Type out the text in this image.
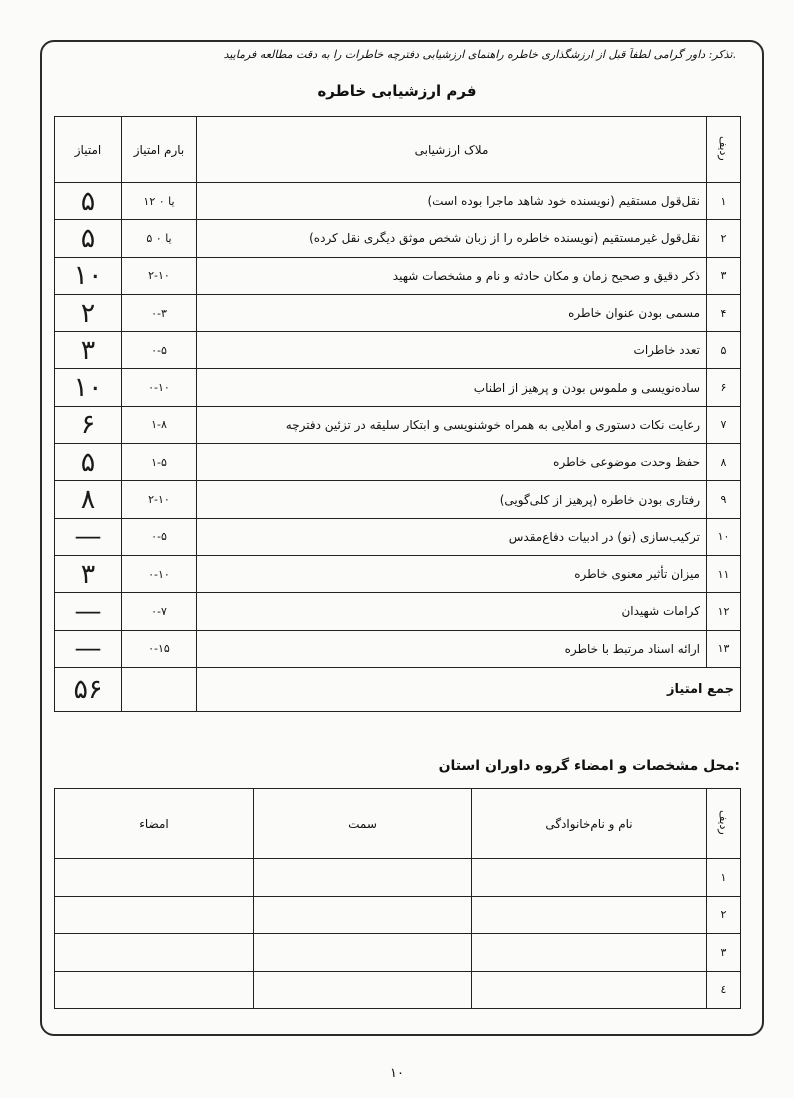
تذکر: داور گرامی لطفاً قبل از ارزشگذاری خاطره راهنمای ارزشیابی دفترچه خاطرات را به دقت مطالعه فرمایید.
فرم ارزشیابی خاطره
ردیف	ملاک ارزشیابی	بارم امتیاز	امتیاز
۱	نقل‌قول مستقیم (نویسنده خود شاهد ماجرا بوده است)	۱۲ یا ۰	۵
۲	نقل‌قول غیرمستقیم (نویسنده خاطره را از زبان شخص موثق دیگری نقل کرده)	۵ یا ۰	۵
۳	ذکر دقیق و صحیح زمان و مکان حادثه و نام و مشخصات شهید	۲-۱۰	۱۰
۴	مسمی بودن عنوان خاطره	۰-۳	۲
۵	تعدد خاطرات	۰-۵	۳
۶	ساده‌نویسی و ملموس بودن و پرهیز از اطناب	۰-۱۰	۱۰
۷	رعایت نکات دستوری و املایی به همراه خوشنویسی و ابتکار سلیقه در تزئین دفترچه	۱-۸	۶
۸	حفظ وحدت موضوعی خاطره	۱-۵	۵
۹	رفتاری بودن خاطره (پرهیز از کلی‌گویی)	۲-۱۰	۸
۱۰	ترکیب‌سازی (نو) در ادبیات دفاع‌مقدس	۰-۵	—
۱۱	میزان تأثیر معنوی خاطره	۰-۱۰	۳
۱۲	کرامات شهیدان	۰-۷	—
۱۳	ارائه اسناد مرتبط با خاطره	۰-۱۵	—
جمع امتیاز			۵۶
محل مشخصات و امضاء گروه داوران استان:
ردیف	نام و نام‌خانوادگی	سمت	امضاء
۱			
۲			
۳			
٤			
۱۰
